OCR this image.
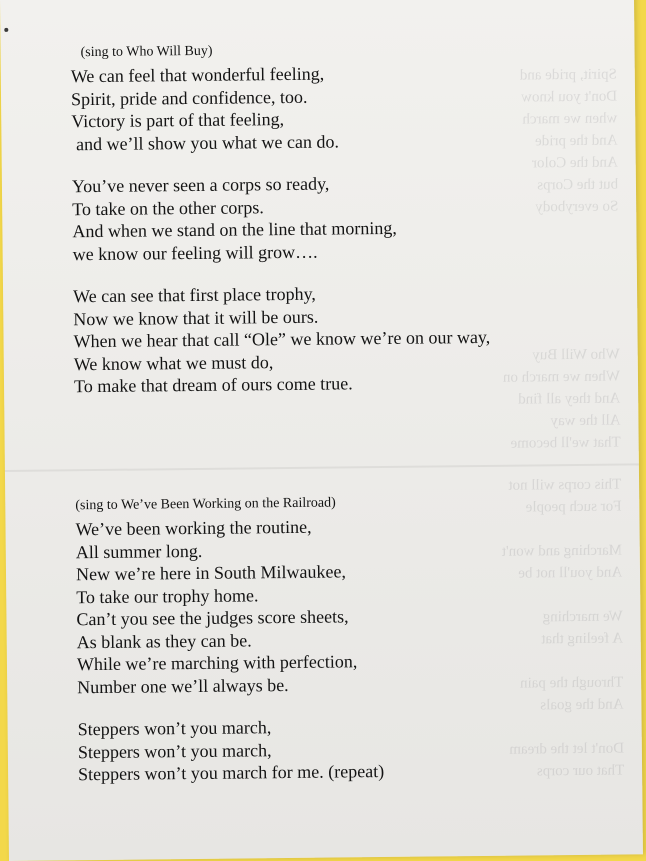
Spirit, pride and
Don't you know
when we march
And the pride
And the Color
but the Corps
So everybody
Who Will Buy
When we march on
And they all find
All the way
That we'll become
This corps will not
For such people

Marching and won't
And you'll not be

We marching
A feeling that

Through the pain
And the goals

Don't let the dream
That our corps

(sing to Who Will Buy)

We can feel that wonderful feeling,

Spirit, pride and confidence, too.

Victory is part of that feeling,

and we’ll show you what we can do.

You’ve never seen a corps so ready,

To take on the other corps.

And when we stand on the line that morning,

we know our feeling will grow….

We can see that first place trophy,

Now we know that it will be ours.

When we hear that call “Ole” we know we’re on our way,

We know what we must do,

To make that dream of ours come true.

(sing to We’ve Been Working on the Railroad)

We’ve been working the routine,

All summer long.

New we’re here in South Milwaukee,

To take our trophy home.

Can’t you see the judges score sheets,

As blank as they can be.

While we’re marching with perfection,

Number one we’ll always be.

Steppers won’t you march,

Steppers won’t you march,

Steppers won’t you march for me. (repeat)
